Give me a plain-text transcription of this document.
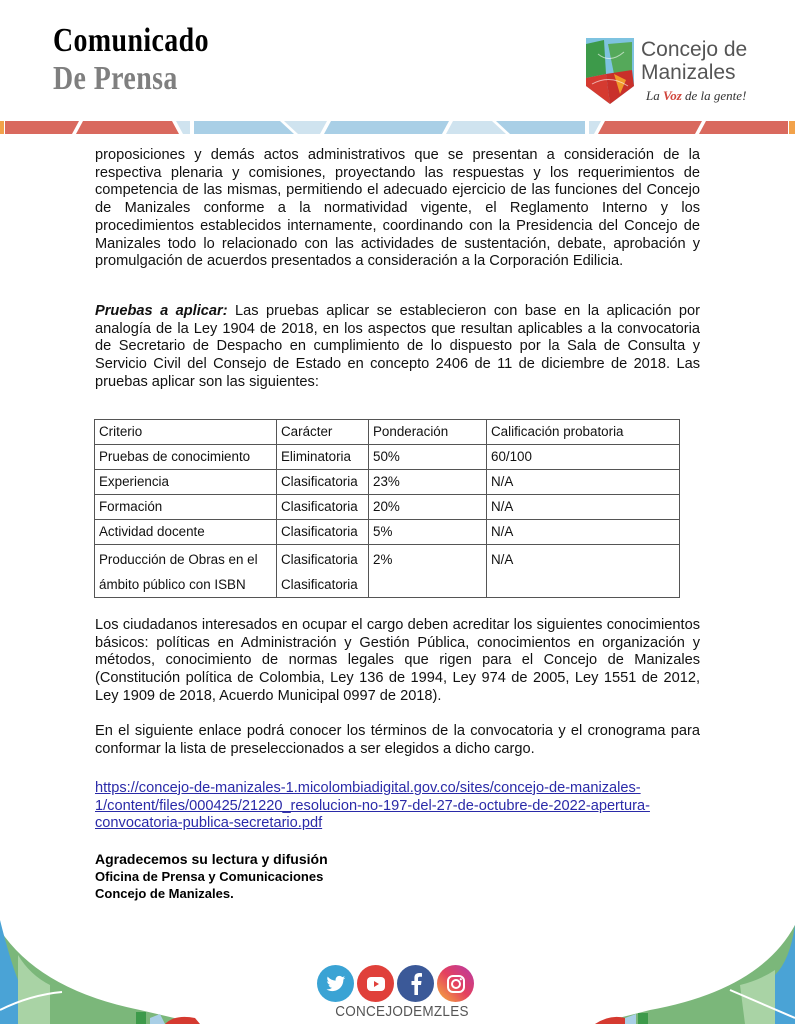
Comunicado
De Prensa
Concejo de
Manizales
La Voz de la gente!

proposiciones y demás actos administrativos que se presentan a consideración de la respectiva plenaria y comisiones, proyectando las respuestas y los requerimientos de competencia de las mismas, permitiendo el adecuado ejercicio de las funciones del Concejo de Manizales conforme a la normatividad vigente, el Reglamento Interno y los procedimientos establecidos internamente, coordinando con la Presidencia del Concejo de Manizales todo lo relacionado con las actividades de sustentación, debate, aprobación y promulgación de acuerdos presentados a consideración a la Corporación Edilicia.

Pruebas a aplicar: Las pruebas aplicar se establecieron con base en la aplicación por analogía de la Ley 1904 de 2018, en los aspectos que resultan aplicables a la convocatoria de Secretario de Despacho en cumplimiento de lo dispuesto por la Sala de Consulta y Servicio Civil del Consejo de Estado en concepto 2406 de 11 de diciembre de 2018. Las pruebas aplicar son las siguientes:

Criterio	Carácter	Ponderación	Calificación probatoria
Pruebas de conocimiento	Eliminatoria	50%	60/100
Experiencia	Clasificatoria	23%	N/A
Formación	Clasificatoria	20%	N/A
Actividad docente	Clasificatoria	5%	N/A
Producción de Obras en el ámbito público con ISBN	Clasificatoria Clasificatoria	2%	N/A

Los ciudadanos interesados en ocupar el cargo deben acreditar los siguientes conocimientos básicos: políticas en Administración y Gestión Pública, conocimientos en organización y métodos, conocimiento de normas legales que rigen para el Concejo de Manizales (Constitución política de Colombia, Ley 136 de 1994, Ley 974 de 2005, Ley 1551 de 2012, Ley 1909 de 2018, Acuerdo Municipal 0997 de 2018).

En el siguiente enlace podrá conocer los términos de la convocatoria y el cronograma para conformar la lista de preseleccionados a ser elegidos a dicho cargo.

https://concejo-de-manizales-1.micolombiadigital.gov.co/sites/concejo-de-manizales-
1/content/files/000425/21220_resolucion-no-197-del-27-de-octubre-de-2022-apertura-
convocatoria-publica-secretario.pdf
Agradecemos su lectura y difusión
Oficina de Prensa y Comunicaciones
Concejo de Manizales.
CONCEJODEMZLES
